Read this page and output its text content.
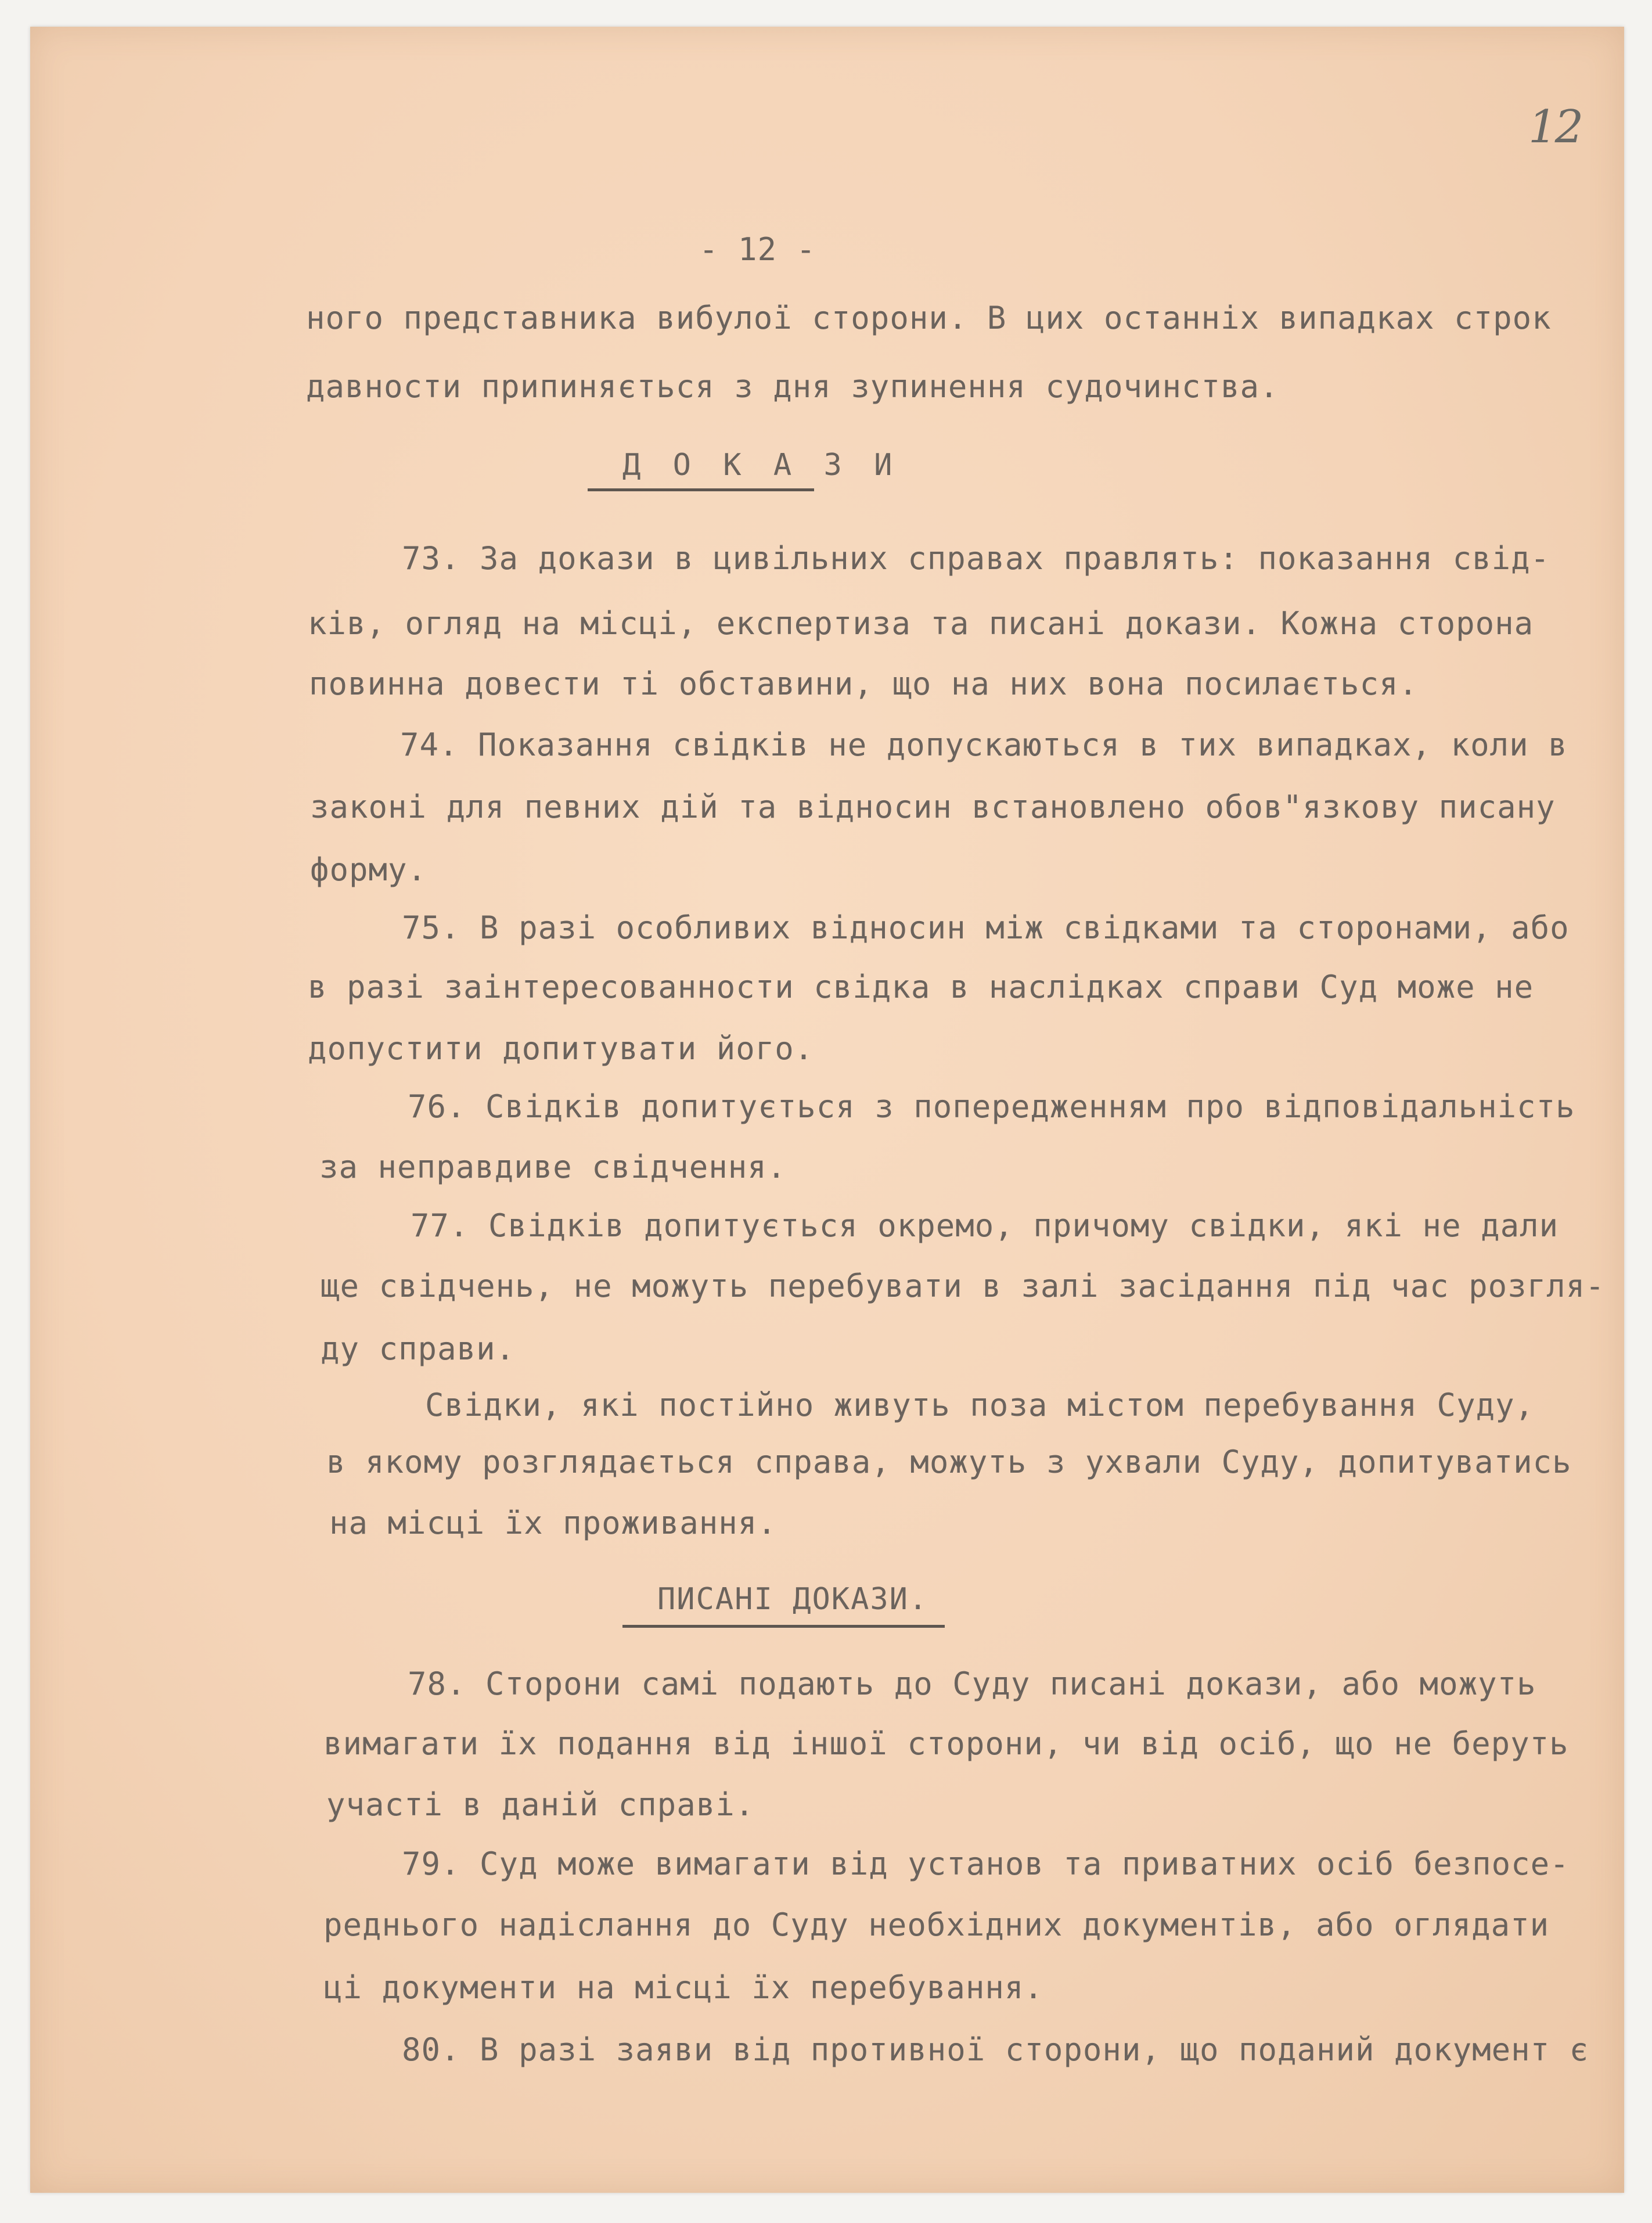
12
- 12 -
ного представника вибулої сторони. В цих останніх випадках строк
давности припиняється з дня зупинення судочинства.
Д О К А З И
73. За докази в цивільних справах правлять: показання свід-
ків, огляд на місці, експертиза та писані докази. Кожна сторона
повинна довести ті обставини, що на них вона посилається.
74. Показання свідків не допускаються в тих випадках, коли в
законі для певних дій та відносин встановлено обов"язкову писану
форму.
75. В разі особливих відносин між свідками та сторонами, або
в разі заінтересованности свідка в наслідках справи Суд може не
допустити допитувати його.
76. Свідків допитується з попередженням про відповідальність
за неправдиве свідчення.
77. Свідків допитується окремо, причому свідки, які не дали
ще свідчень, не можуть перебувати в залі засідання під час розгля-
ду справи.
Свідки, які постійно живуть поза містом перебування Суду,
в якому розглядається справа, можуть з ухвали Суду, допитуватись
на місці їх проживання.
ПИСАНІ ДОКАЗИ.
78. Сторони самі подають до Суду писані докази, або можуть
вимагати їх подання від іншої сторони, чи від осіб, що не беруть
участі в даній справі.
79. Суд може вимагати від установ та приватних осіб безпосе-
реднього надіслання до Суду необхідних документів, або оглядати
ці документи на місці їх перебування.
80. В разі заяви від противної сторони, що поданий документ є
